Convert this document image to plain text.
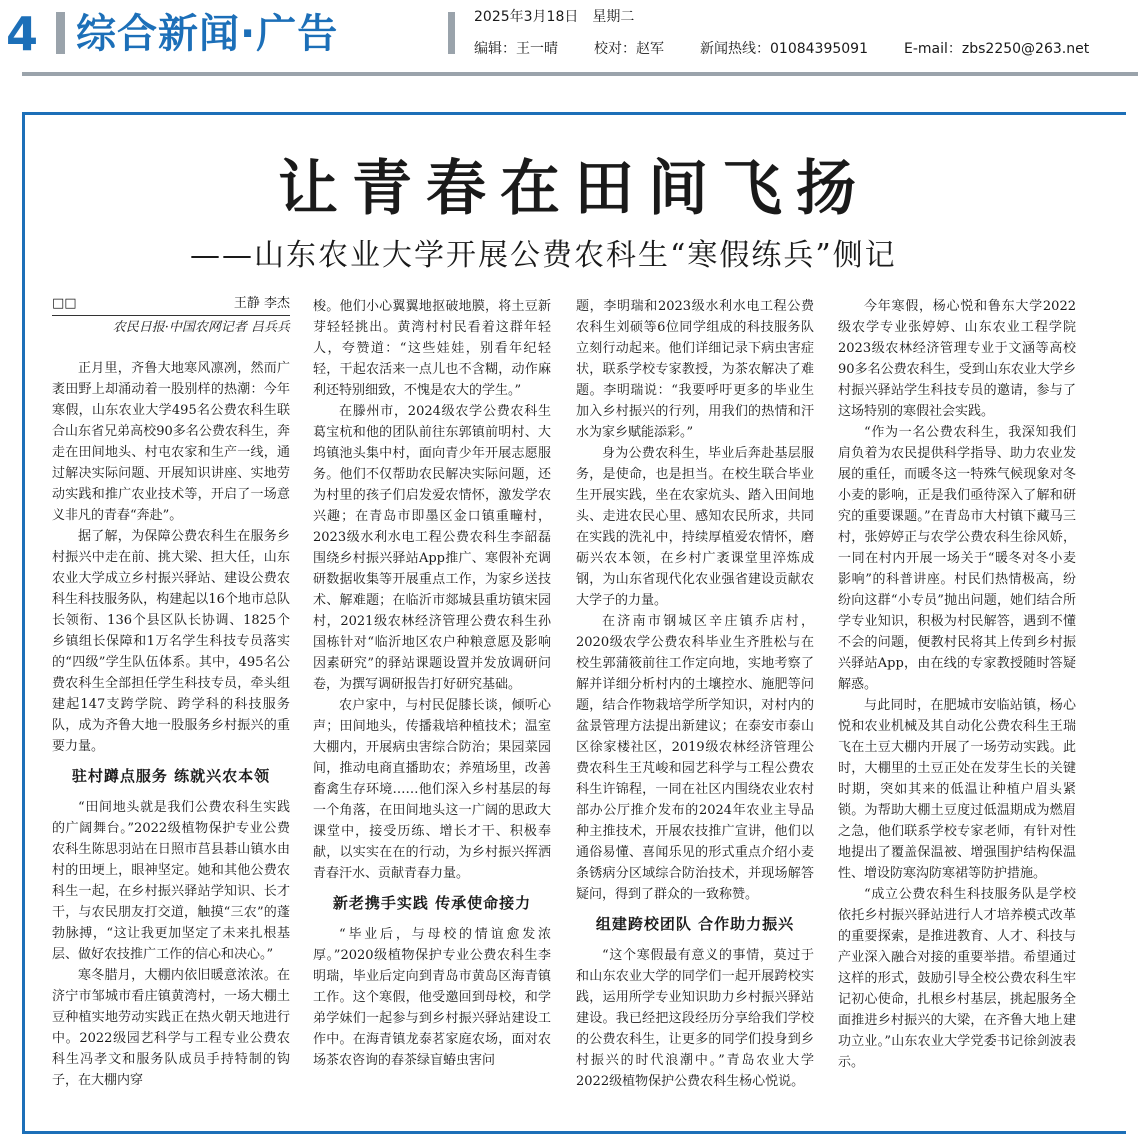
4 综合新闻·广告	2025年3月18日 星期二
编辑：王一晴	校对：赵军	新闻热线：01084395091	E-mail：zbs2250@263.net
让青春在田间飞扬
——山东农业大学开展公费农科生“寒假练兵”侧记
□□	王静 李杰
农民日报·中国农网记者 吕兵兵

正月里，齐鲁大地寒风凛冽，然而广袤田野上却涌动着一股别样的热潮：今年寒假，山东农业大学495名公费农科生联合山东省兄弟高校90多名公费农科生，奔走在田间地头、村屯农家和生产一线，通过解决实际问题、开展知识讲座、实地劳动实践和推广农业技术等，开启了一场意义非凡的青春“奔赴”。

据了解，为保障公费农科生在服务乡村振兴中走在前、挑大梁、担大任，山东农业大学成立乡村振兴驿站、建设公费农科生科技服务队，构建起以16个地市总队长领衔、136个县区队长协调、1825个乡镇组长保障和1万名学生科技专员落实的“四级”学生队伍体系。其中，495名公费农科生全部担任学生科技专员，牵头组建起147支跨学院、跨学科的科技服务队，成为齐鲁大地一股服务乡村振兴的重要力量。

驻村蹲点服务 练就兴农本领

“田间地头就是我们公费农科生实践的广阔舞台。”2022级植物保护专业公费农科生陈思羽站在日照市莒县碁山镇水由村的田埂上，眼神坚定。她和其他公费农科生一起，在乡村振兴驿站学知识、长才干，与农民朋友打交道，触摸“三农”的蓬勃脉搏，“这让我更加坚定了未来扎根基层、做好农技推广工作的信心和决心。”

寒冬腊月，大棚内依旧暖意浓浓。在济宁市邹城市看庄镇黄湾村，一场大棚土豆种植实地劳动实践正在热火朝天地进行中。2022级园艺科学与工程专业公费农科生冯孝文和服务队成员手持特制的钩子，在大棚内穿

梭。他们小心翼翼地抠破地膜，将土豆新芽轻轻挑出。黄湾村村民看着这群年轻人，夸赞道：“这些娃娃，别看年纪轻轻，干起农活来一点儿也不含糊，动作麻利还特别细致，不愧是农大的学生。”

在滕州市，2024级农学公费农科生葛宝杭和他的团队前往东郭镇前明村、大坞镇池头集中村，面向青少年开展志愿服务。他们不仅帮助农民解决实际问题，还为村里的孩子们启发爱农情怀，激发学农兴趣；在青岛市即墨区金口镇重疃村，2023级水利水电工程公费农科生李韶磊围绕乡村振兴驿站App推广、寒假补充调研数据收集等开展重点工作，为家乡送技术、解难题；在临沂市郯城县重坊镇宋园村，2021级农林经济管理公费农科生孙国栋针对“临沂地区农户种粮意愿及影响因素研究”的驿站课题设置并发放调研问卷，为撰写调研报告打好研究基础。

农户家中，与村民促膝长谈，倾听心声；田间地头，传播栽培种植技术；温室大棚内，开展病虫害综合防治；果园菜园间，推动电商直播助农；养殖场里，改善畜禽生存环境……他们深入乡村基层的每一个角落，在田间地头这一广阔的思政大课堂中，接受历练、增长才干、积极奉献，以实实在在的行动，为乡村振兴挥洒青春汗水、贡献青春力量。

新老携手实践 传承使命接力

“毕业后，与母校的情谊愈发浓厚。”2020级植物保护专业公费农科生李明瑞，毕业后定向到青岛市黄岛区海青镇工作。这个寒假，他受邀回到母校，和学弟学妹们一起参与到乡村振兴驿站建设工作中。在海青镇龙泰茗家庭农场，面对农场茶农咨询的春茶绿盲蝽虫害问

题，李明瑞和2023级水利水电工程公费农科生刘硕等6位同学组成的科技服务队立刻行动起来。他们详细记录下病虫害症状，联系学校专家教授，为茶农解决了难题。李明瑞说：“我要呼吁更多的毕业生加入乡村振兴的行列，用我们的热情和汗水为家乡赋能添彩。”

身为公费农科生，毕业后奔赴基层服务，是使命，也是担当。在校生联合毕业生开展实践，坐在农家炕头、踏入田间地头、走进农民心里、感知农民所求，共同在实践的洗礼中，持续厚植爱农情怀，磨砺兴农本领，在乡村广袤课堂里淬炼成钢，为山东省现代化农业强省建设贡献农大学子的力量。

在济南市钢城区辛庄镇乔店村，2020级农学公费农科毕业生齐胜松与在校生郭蒲筱前往工作定向地，实地考察了解并详细分析村内的土壤控水、施肥等问题，结合作物栽培学所学知识，对村内的盆景管理方法提出新建议；在泰安市泰山区徐家楼社区，2019级农林经济管理公费农科生王芃峻和园艺科学与工程公费农科生许锦程，一同在社区内围绕农业农村部办公厅推介发布的2024年农业主导品种主推技术，开展农技推广宣讲，他们以通俗易懂、喜闻乐见的形式重点介绍小麦条锈病分区域综合防治技术，并现场解答疑问，得到了群众的一致称赞。

组建跨校团队 合作助力振兴

“这个寒假最有意义的事情，莫过于和山东农业大学的同学们一起开展跨校实践，运用所学专业知识助力乡村振兴驿站建设。我已经把这段经历分享给我们学校的公费农科生，让更多的同学们投身到乡村振兴的时代浪潮中。”青岛农业大学2022级植物保护公费农科生杨心悦说。

今年寒假，杨心悦和鲁东大学2022级农学专业张婷婷、山东农业工程学院2023级农林经济管理专业于文涵等高校90多名公费农科生，受到山东农业大学乡村振兴驿站学生科技专员的邀请，参与了这场特别的寒假社会实践。

“作为一名公费农科生，我深知我们肩负着为农民提供科学指导、助力农业发展的重任，而暖冬这一特殊气候现象对冬小麦的影响，正是我们亟待深入了解和研究的重要课题。”在青岛市大村镇下藏马三村，张婷婷正与农学公费农科生徐风娇，一同在村内开展一场关于“暖冬对冬小麦影响”的科普讲座。村民们热情极高，纷纷向这群“小专员”抛出问题，她们结合所学专业知识，积极为村民解答，遇到不懂不会的问题，便教村民将其上传到乡村振兴驿站App，由在线的专家教授随时答疑解惑。

与此同时，在肥城市安临站镇，杨心悦和农业机械及其自动化公费农科生王瑞飞在土豆大棚内开展了一场劳动实践。此时，大棚里的土豆正处在发芽生长的关键时期，突如其来的低温让种植户眉头紧锁。为帮助大棚土豆度过低温期成为燃眉之急，他们联系学校专家老师，有针对性地提出了覆盖保温被、增强围护结构保温性、增设防寒沟防寒裙等防护措施。

“成立公费农科生科技服务队是学校依托乡村振兴驿站进行人才培养模式改革的重要探索，是推进教育、人才、科技与产业深入融合对接的重要举措。希望通过这样的形式，鼓励引导全校公费农科生牢记初心使命，扎根乡村基层，挑起服务全面推进乡村振兴的大梁，在齐鲁大地上建功立业。”山东农业大学党委书记徐剑波表示。
